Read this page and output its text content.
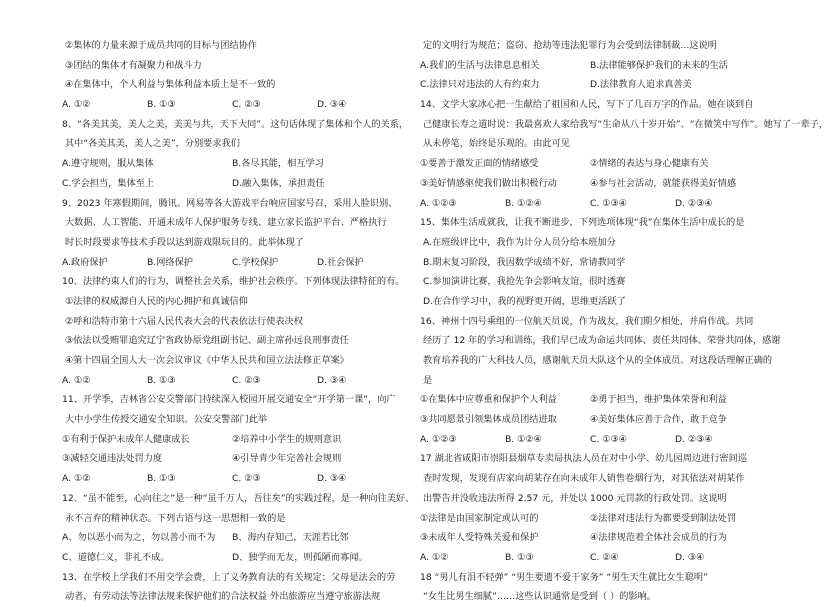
②集体的力量来源于成员共同的目标与团结协作
③团结的集体才有凝聚力和战斗力
④在集体中，个人利益与集体利益本质上是不一致的
A. ①②	B. ①③	C. ②③	D. ③④
8、“各美其美，美人之美，美美与共，天下大同”。这句话体现了集体和个人的关系，
其中“各美其美，美人之美”，分别要求我们
A.遵守规则，服从集体	B.各尽其能，相互学习
C.学会担当，集体至上	D.融入集体，承担责任
9、2023 年寒假期间，腾讯、网易等各大游戏平台响应国家号召，采用人脸识别、
大数据、人工智能、开通未成年人保护服务专线、建立家长监护平台、严格执行
时长时段要求等技术手段以达到游戏限玩目的。此举体现了
A.政府保护	B.网络保护	C.学校保护	D.社会保护
10、法律约束人们的行为，调整社会关系，维护社会秩序。下列体现法律特征的有。
①法律的权威源自人民的内心拥护和真诚信仰
②呼和浩特市第十六届人民代表大会的代表依法行使表决权
③依法以受贿罪追究辽宁省政协原党组副书记、副主席孙远良刑事责任
④第十四届全国人大一次会议审议《中华人民共和国立法法修正草案》
A. ①②	B. ①③	C. ②③	D. ③④
11、开学季，吉林省公安交警部门持续深入校园开展交通安全“开学第一课”，向广
大中小学生传授交通安全知识。公安交警部门此举
①有利于保护未成年人健康成长	②培养中小学生的规则意识
③减轻交通违法处罚力度	④引导青少年完善社会规则
A. ①②	B. ①③	C. ②③	D. ③④
12、“虽不能至，心向往之”是一种“虽千万人，吾往矣”的实践过程，是一种向往美好、
永不言弃的精神状态。下列古语与这一思想相一致的是
A、勿以恶小而为之，勿以善小而不为	B、海内存知己，天涯若比邻
C、道德仁义，非礼不成。	D、独学而无友，则孤陋而寡闻。
13、在学校上学我们不用交学会费，上了义务教育法的有关规定；父母是法会的劳
动者，有劳动法等法律法规来保护他们的合法权益 外出旅游应当遵守旅游法规
定的文明行为规范；盗窃、抢劫等违法犯罪行为会受到法律制裁…这说明
A.我们的生活与法律息息相关	B.法律能够保护我们的未来的生活
C.法律只对违法的人有约束力	D.法律教育人追求真善美
14、文学大家冰心把一生献给了祖国和人民，写下了几百万字的作品。她在谈到自
己健康长寿之道时说：我最喜欢人家给我写“生命从八十岁开始”、“在微笑中写作”。她写了一辈子，
从未停笔，始终是乐观的。由此可见
①要善于激发正面的情绪感受	②情绪的表达与身心健康有关
③美好情感驱使我们做出积极行动	④参与社会活动，就能获得美好情感
A. ①②③	B. ①②④	C. ①③④	D. ②③④
15、集体生活成就我，让我不断进步，下列选项体现“我”在集体生活中成长的是
A.在班级评比中，我作为计分人员分给本班加分
B.期末复习阶段，我因数学成绩不好，常请教同学
C.参加演讲比赛，我抢先争会影响友谊，很时透赛
D.在合作学习中，我的视野更开阔，思维更活跃了
16、神州十四号乘组的一位航天员说，作为战友，我们期夕相处，并肩作战。共同
经历了 12 年的学习和训练，我们早已成为命运共同体、责任共同体、荣誉共同体，感谢
教育培养我的广大科技人员，感谢航天员大队这个从的全体成员。对这段话理解正确的
是
①在集体中应尊重和保护个人利益	②勇于担当，维护集体荣誉和利益
③共同愿景引领集体成员团结进取	④美好集体应善于合作，敢于竞争
A. ①②③	B. ①②④	C. ①③④	D. ②③④
17 湖北省咸阳市崇阳县烟草专卖局执法人员在对中小学、幼儿园周边进行密间巡
查时发现，发现有店家向胡某存在向未成年人销售卷烟行为，对其依法对胡某作
出警告并没收违法所得 2.57 元，并处以 1000 元罚款的行政处罚。这说明
①法律是由国家制定或认可的	②法律对违法行为都要受到制法处罚
③未成年人受特殊关爱和保护	④法律规范着全体社会成员的行为
A. ①②	B. ①③	C. ②④	D. ③④
18 “男儿有泪不轻弹” “男生要遗不爱干家务” “男生天生就比女生聪明”
“女生比男生细腻”……这些认识通常是受到（ ）的影响。
